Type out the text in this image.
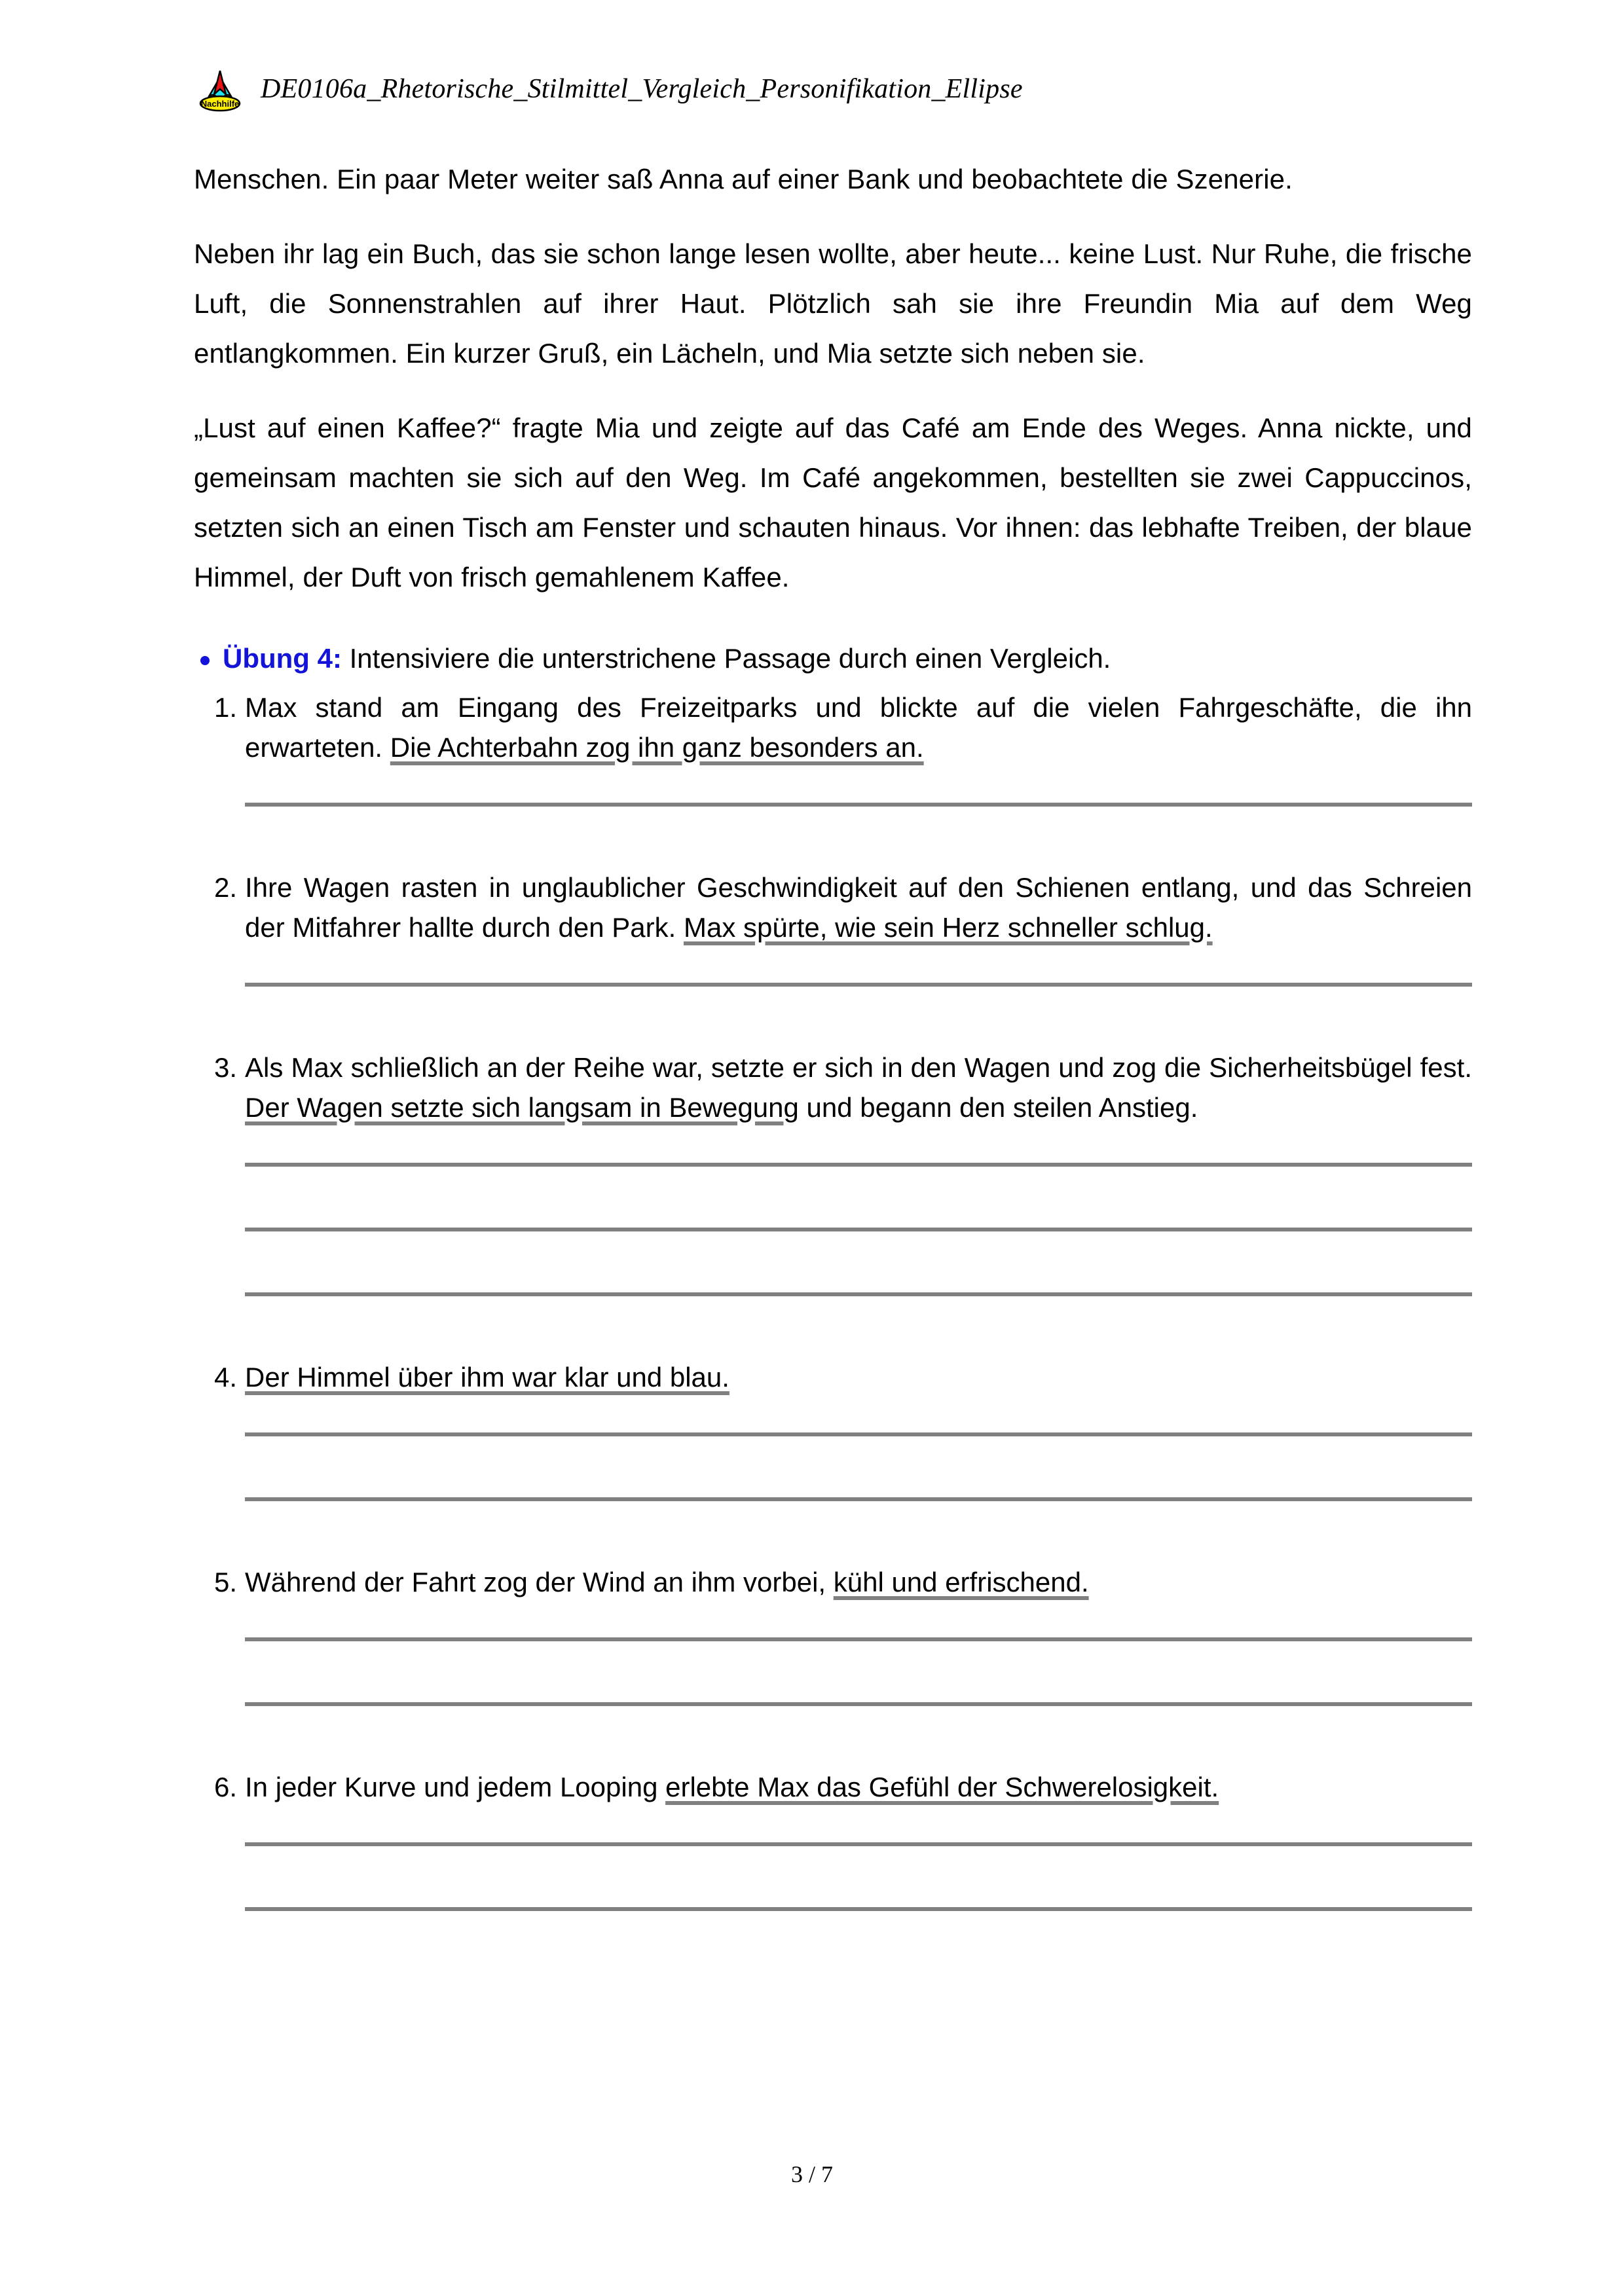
Nachhilfe DE0106a_Rhetorische_Stilmittel_Vergleich_Personifikation_Ellipse

Menschen. Ein paar Meter weiter saß Anna auf einer Bank und beobachtete die Szenerie.

Neben ihr lag ein Buch, das sie schon lange lesen wollte, aber heute... keine Lust. Nur Ruhe, die frische Luft, die Sonnenstrahlen auf ihrer Haut. Plötzlich sah sie ihre Freundin Mia auf dem Weg entlangkommen. Ein kurzer Gruß, ein Lächeln, und Mia setzte sich neben sie.

„Lust auf einen Kaffee?“ fragte Mia und zeigte auf das Café am Ende des Weges. Anna nickte, und gemeinsam machten sie sich auf den Weg. Im Café angekommen, bestellten sie zwei Cappuccinos, setzten sich an einen Tisch am Fenster und schauten hinaus. Vor ihnen: das lebhafte Treiben, der blaue Himmel, der Duft von frisch gemahlenem Kaffee.

Übung 4: Intensiviere die unterstrichene Passage durch einen Vergleich.
1. Max stand am Eingang des Freizeitparks und blickte auf die vielen Fahrgeschäfte, die ihn erwarteten. Die Achterbahn zog ihn ganz besonders an.
2. Ihre Wagen rasten in unglaublicher Geschwindigkeit auf den Schienen entlang, und das Schreien der Mitfahrer hallte durch den Park. Max spürte, wie sein Herz schneller schlug.
3. Als Max schließlich an der Reihe war, setzte er sich in den Wagen und zog die Sicherheitsbügel fest. Der Wagen setzte sich langsam in Bewegung und begann den steilen Anstieg.
4. Der Himmel über ihm war klar und blau.
5. Während der Fahrt zog der Wind an ihm vorbei, kühl und erfrischend.
6. In jeder Kurve und jedem Looping erlebte Max das Gefühl der Schwerelosigkeit.
3 / 7
